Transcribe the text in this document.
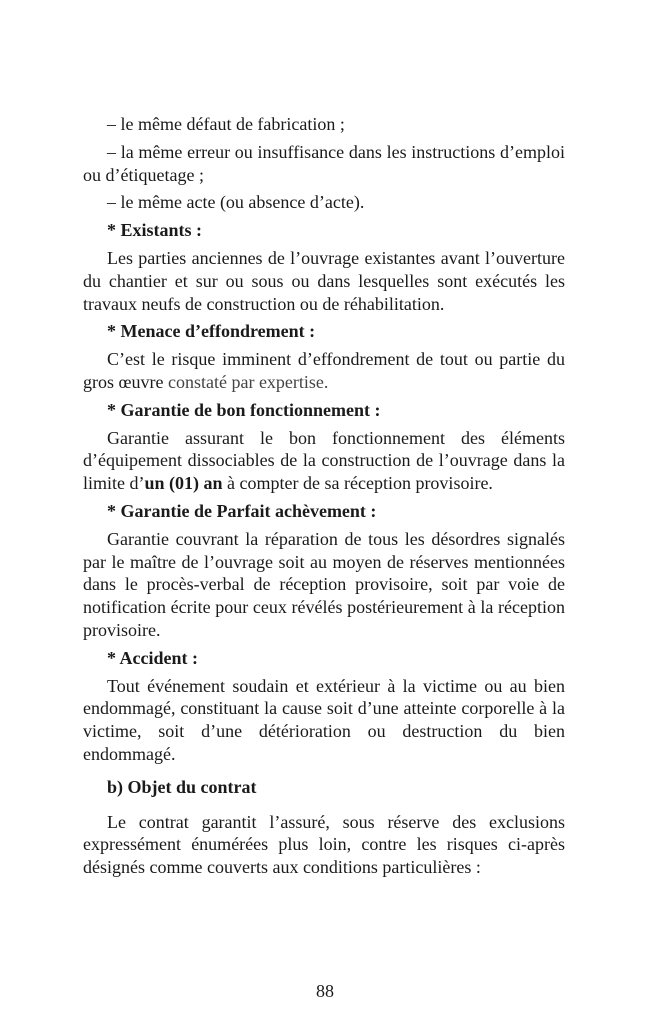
– le même défaut de fabrication ;

– la même erreur ou insuffisance dans les instructions d’emploi ou d’étiquetage ;

– le même acte (ou absence d’acte).

* Existants :

Les parties anciennes de l’ouvrage existantes avant l’ouverture du chantier et sur ou sous ou dans lesquelles sont exécutés les travaux neufs de construction ou de réhabilitation.

* Menace d’effondrement :

C’est le risque imminent d’effondrement de tout ou partie du gros œuvre constaté par expertise.

* Garantie de bon fonctionnement :

Garantie assurant le bon fonctionnement des éléments d’équipement dissociables de la construction de l’ouvrage dans la limite d’un (01) an à compter de sa réception provisoire.

* Garantie de Parfait achèvement :

Garantie couvrant la réparation de tous les désordres signalés par le maître de l’ouvrage soit au moyen de réserves mentionnées dans le procès-verbal de réception provisoire, soit par voie de notification écrite pour ceux révélés postérieurement à la réception provisoire.

* Accident :

Tout événement soudain et extérieur à la victime ou au bien endommagé, constituant la cause soit d’une atteinte corporelle à la victime, soit d’une détérioration ou destruction du bien endommagé.

b) Objet du contrat

Le contrat garantit l’assuré, sous réserve des exclusions expressément énumérées plus loin, contre les risques ci-après désignés comme couverts aux conditions particulières :

88
